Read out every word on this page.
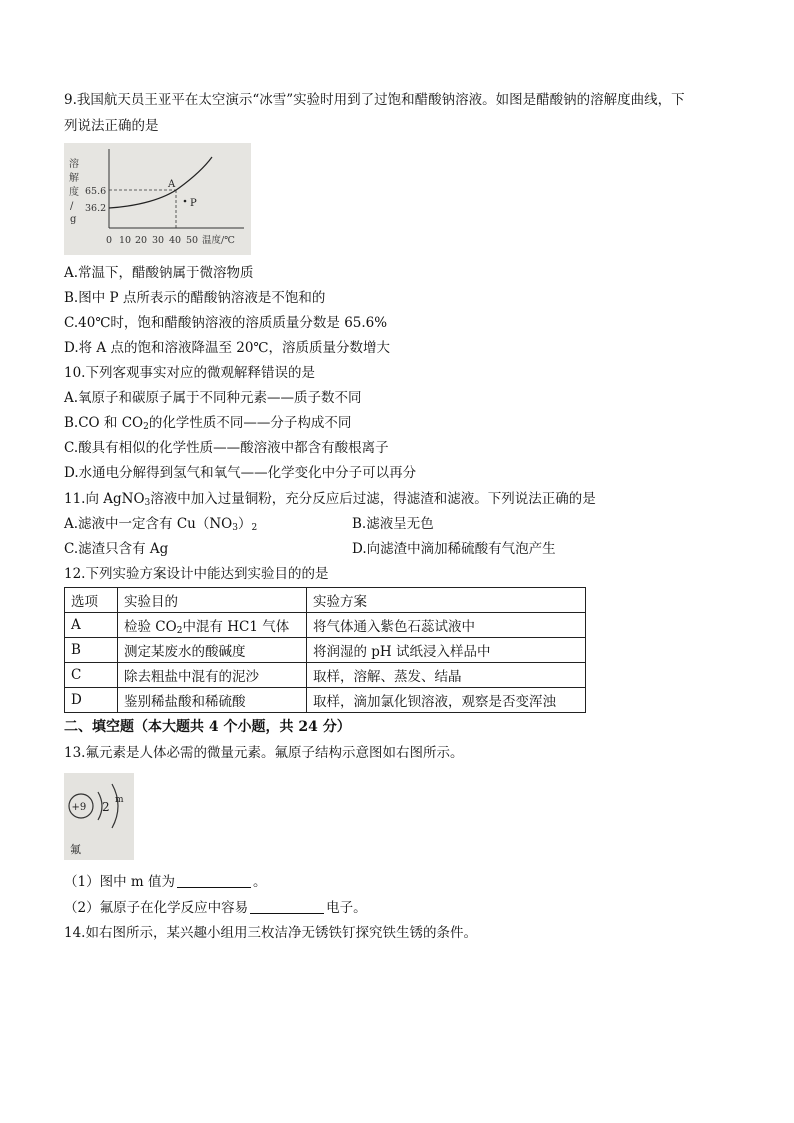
9.我国航天员王亚平在太空演示“冰雪”实验时用到了过饱和醋酸钠溶液。如图是醋酸钠的溶解度曲线，下
列说法正确的是
溶
解
度
/
g
65.6
36.2
A
P
0 10 20 30 40 50 温度/℃
A.常温下，醋酸钠属于微溶物质
B.图中 P 点所表示的醋酸钠溶液是不饱和的
C.40℃时，饱和醋酸钠溶液的溶质质量分数是 65.6%
D.将 A 点的饱和溶液降温至 20℃，溶质质量分数增大
10.下列客观事实对应的微观解释错误的是
A.氧原子和碳原子属于不同种元素——质子数不同
B.CO 和 $CO_2$的化学性质不同——分子构成不同
C.酸具有相似的化学性质——酸溶液中都含有酸根离子
D.水通电分解得到氢气和氧气——化学变化中分子可以再分
11.向 AgNO$_3$溶液中加入过量铜粉，充分反应后过滤，得滤渣和滤液。下列说法正确的是
A.滤液中一定含有 $Cu(NO_3)_2$	B.滤液呈无色
C.滤渣只含有 Ag	D.向滤渣中滴加稀硫酸有气泡产生
12.下列实验方案设计中能达到实验目的的是
选项	实验目的	实验方案
A	检验 $CO_2$中混有 HC1 气体	将气体通入紫色石蕊试液中
B	测定某废水的酸碱度	将润湿的 pH 试纸浸入样品中
C	除去粗盐中混有的泥沙	取样，溶解、蒸发、结晶
D	鉴别稀盐酸和稀硫酸	取样，滴加氯化钡溶液，观察是否变浑浊
二、填空题（本大题共 4 个小题，共 24 分）
13.氟元素是人体必需的微量元素。氟原子结构示意图如右图所示。
+9 2 m
氟
（1）图中 m 值为	。
（2）氟原子在化学反应中容易	电子。
14.如右图所示，某兴趣小组用三枚洁净无锈铁钉探究铁生锈的条件。
